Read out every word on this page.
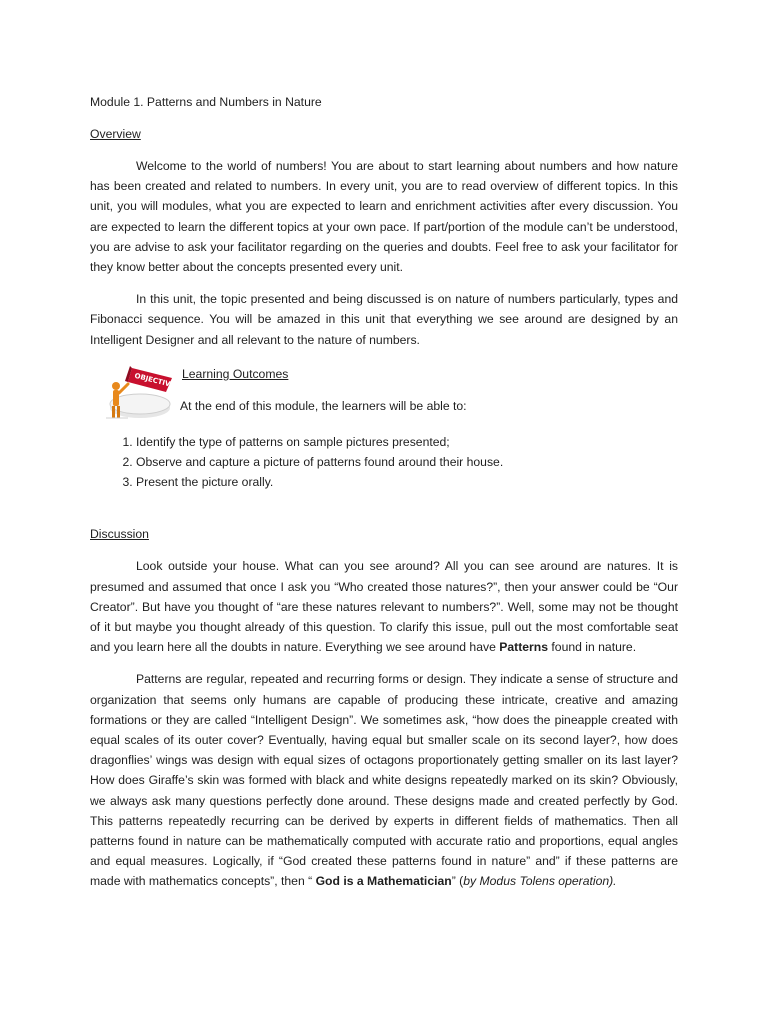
Module 1. Patterns and Numbers in Nature

Overview

Welcome to the world of numbers! You are about to start learning about numbers and how nature has been created and related to numbers. In every unit, you are to read overview of different topics. In this unit, you will modules, what you are expected to learn and enrichment activities after every discussion. You are expected to learn the different topics at your own pace. If part/portion of the module can’t be understood, you are advise to ask your facilitator regarding on the queries and doubts. Feel free to ask your facilitator for they know better about the concepts presented every unit.

In this unit, the topic presented and being discussed is on nature of numbers particularly, types and Fibonacci sequence. You will be amazed in this unit that everything we see around are designed by an Intelligent Designer and all relevant to the nature of numbers.

OBJECTIVES Learning Outcomes
At the end of this module, the learners will be able to:
1. Identify the type of patterns on sample pictures presented;
2. Observe and capture a picture of patterns found around their house.
3. Present the picture orally.

Discussion

Look outside your house. What can you see around? All you can see around are natures. It is presumed and assumed that once I ask you “Who created those natures?”, then your answer could be “Our Creator”. But have you thought of “are these natures relevant to numbers?”. Well, some may not be thought of it but maybe you thought already of this question. To clarify this issue, pull out the most comfortable seat and you learn here all the doubts in nature. Everything we see around have Patterns found in nature.

Patterns are regular, repeated and recurring forms or design. They indicate a sense of structure and organization that seems only humans are capable of producing these intricate, creative and amazing formations or they are called “Intelligent Design”. We sometimes ask, “how does the pineapple created with equal scales of its outer cover? Eventually, having equal but smaller scale on its second layer?, how does dragonflies’ wings was design with equal sizes of octagons proportionately getting smaller on its last layer? How does Giraffe’s skin was formed with black and white designs repeatedly marked on its skin? Obviously, we always ask many questions perfectly done around. These designs made and created perfectly by God. This patterns repeatedly recurring can be derived by experts in different fields of mathematics. Then all patterns found in nature can be mathematically computed with accurate ratio and proportions, equal angles and equal measures. Logically, if “God created these patterns found in nature” and” if these patterns are made with mathematics concepts”, then “ God is a Mathematician” (by Modus Tolens operation).
